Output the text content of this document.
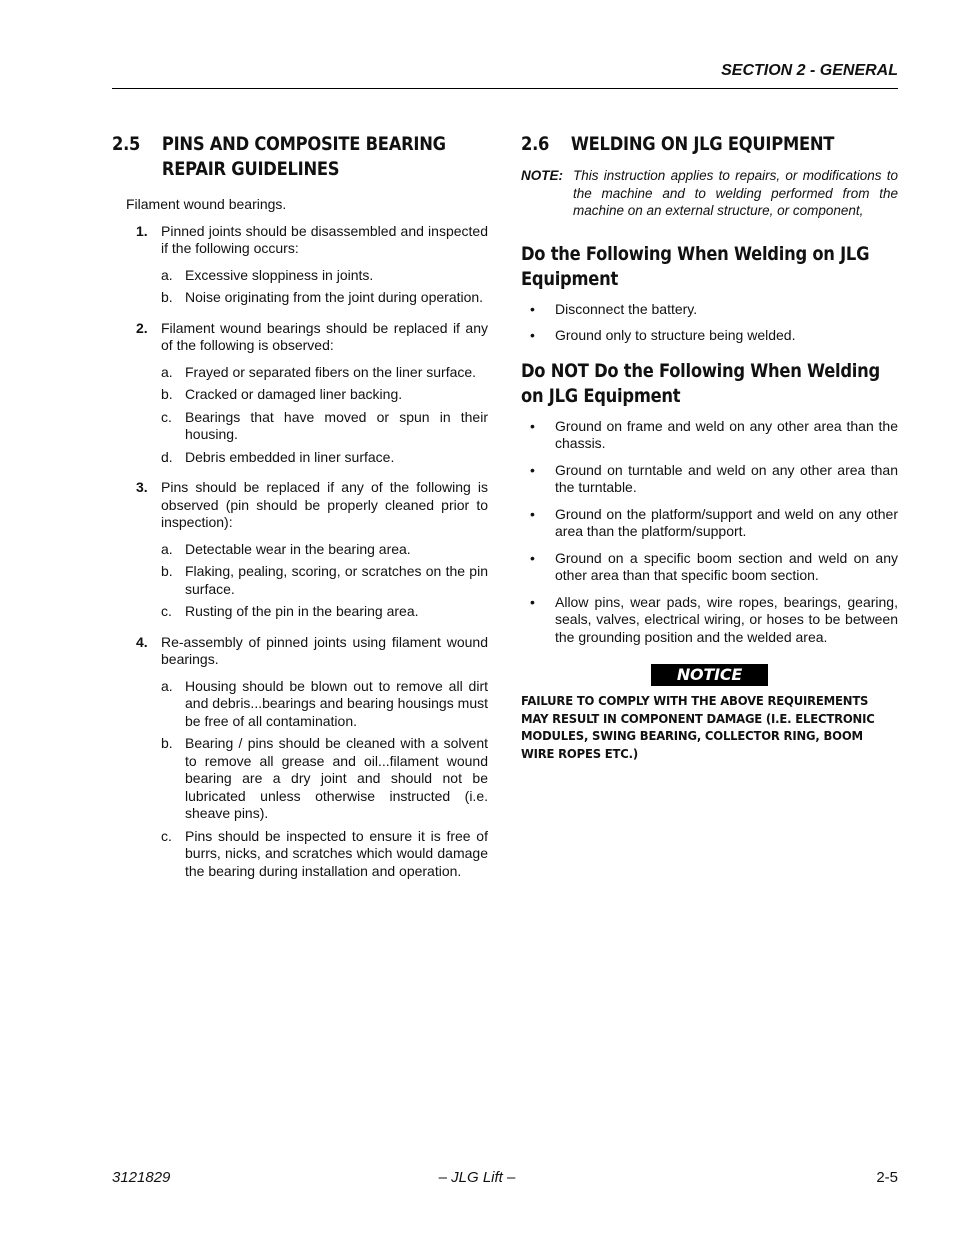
SECTION 2 - GENERAL
2.5	PINS AND COMPOSITE BEARING REPAIR GUIDELINES
Filament wound bearings.
1. Pinned joints should be disassembled and inspected if the following occurs:
a. Excessive sloppiness in joints.
b. Noise originating from the joint during operation.
2. Filament wound bearings should be replaced if any of the following is observed:
a. Frayed or separated fibers on the liner surface.
b. Cracked or damaged liner backing.
c. Bearings that have moved or spun in their housing.
d. Debris embedded in liner surface.
3. Pins should be replaced if any of the following is observed (pin should be properly cleaned prior to inspection):
a. Detectable wear in the bearing area.
b. Flaking, pealing, scoring, or scratches on the pin surface.
c. Rusting of the pin in the bearing area.
4. Re-assembly of pinned joints using filament wound bearings.
a. Housing should be blown out to remove all dirt and debris...bearings and bearing housings must be free of all contamination.
b. Bearing / pins should be cleaned with a solvent to remove all grease and oil...filament wound bearing are a dry joint and should not be lubricated unless otherwise instructed (i.e. sheave pins).
c. Pins should be inspected to ensure it is free of burrs, nicks, and scratches which would damage the bearing during installation and operation.
2.6	WELDING ON JLG EQUIPMENT
NOTE: This instruction applies to repairs, or modifications to the machine and to welding performed from the machine on an external structure, or component,
Do the Following When Welding on JLG Equipment
•	Disconnect the battery.
•	Ground only to structure being welded.
Do NOT Do the Following When Welding on JLG Equipment
•	Ground on frame and weld on any other area than the chassis.
•	Ground on turntable and weld on any other area than the turntable.
•	Ground on the platform/support and weld on any other area than the platform/support.
•	Ground on a specific boom section and weld on any other area than that specific boom section.
•	Allow pins, wear pads, wire ropes, bearings, gearing, seals, valves, electrical wiring, or hoses to be between the grounding position and the welded area.
NOTICE
FAILURE TO COMPLY WITH THE ABOVE REQUIREMENTS MAY RESULT IN COMPONENT DAMAGE (I.E. ELECTRONIC MODULES, SWING BEARING, COLLECTOR RING, BOOM WIRE ROPES ETC.)
3121829	– JLG Lift –	2-5
